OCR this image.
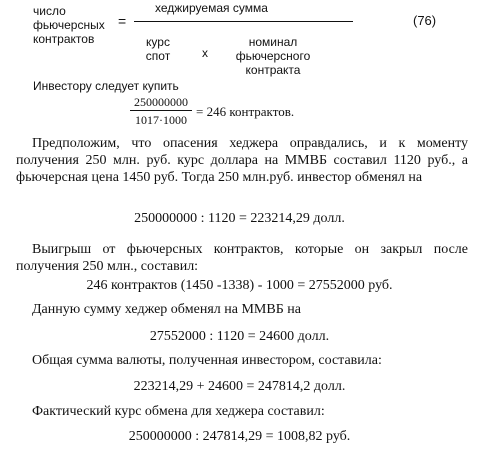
число
фьючерсных
контрактов
=
хеджируемая сумма
курс
спот	x
номинал
фьючерсного
контракта
(76)
Инвестору следует купить
250000000
1017·1000
= 246 контрактов.
Предположим, что опасения хеджера оправдались, и к моменту получения 250 млн. руб. курс доллара на ММВБ составил 1120 руб., а фьючерсная цена 1450 руб. Тогда 250 млн.руб. инвестор обменял на
250000000 : 1120 = 223214,29 долл.
Выигрыш от фьючерсных контрактов, которые он закрыл после получения 250 млн., составил:
246 контрактов (1450 -1338) - 1000 = 27552000 руб.
Данную сумму хеджер обменял на ММВБ на
27552000 : 1120 = 24600 долл.
Общая сумма валюты, полученная инвестором, составила:
223214,29 + 24600 = 247814,2 долл.
Фактический курс обмена для хеджера составил:
250000000 : 247814,29 = 1008,82 руб.
